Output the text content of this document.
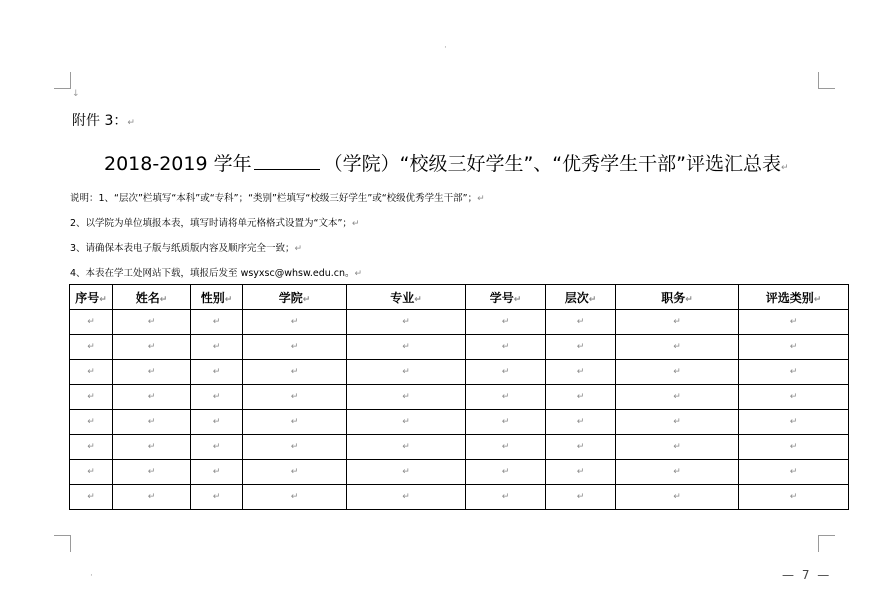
·
↓
附件 3：↵
2018-2019 学年	（学院）“校级三好学生”、“优秀学生干部”评选汇总表↵
说明：1、“层次”栏填写“本科”或“专科”；“类别”栏填写“校级三好学生”或“校级优秀学生干部”；↵
2、以学院为单位填报本表，填写时请将单元格格式设置为“文本”；↵
3、请确保本表电子版与纸质版内容及顺序完全一致；↵
4、本表在学工处网站下载，填报后发至 wsyxsc@whsw.edu.cn。↵
序号↵	姓名↵	性别↵	学院↵	专业↵	学号↵	层次↵	职务↵	评选类别↵
↵	↵	↵	↵	↵	↵	↵	↵	↵
↵	↵	↵	↵	↵	↵	↵	↵	↵
↵	↵	↵	↵	↵	↵	↵	↵	↵
↵	↵	↵	↵	↵	↵	↵	↵	↵
↵	↵	↵	↵	↵	↵	↵	↵	↵
↵	↵	↵	↵	↵	↵	↵	↵	↵
↵	↵	↵	↵	↵	↵	↵	↵	↵
↵	↵	↵	↵	↵	↵	↵	↵	↵
·	— 7 —
